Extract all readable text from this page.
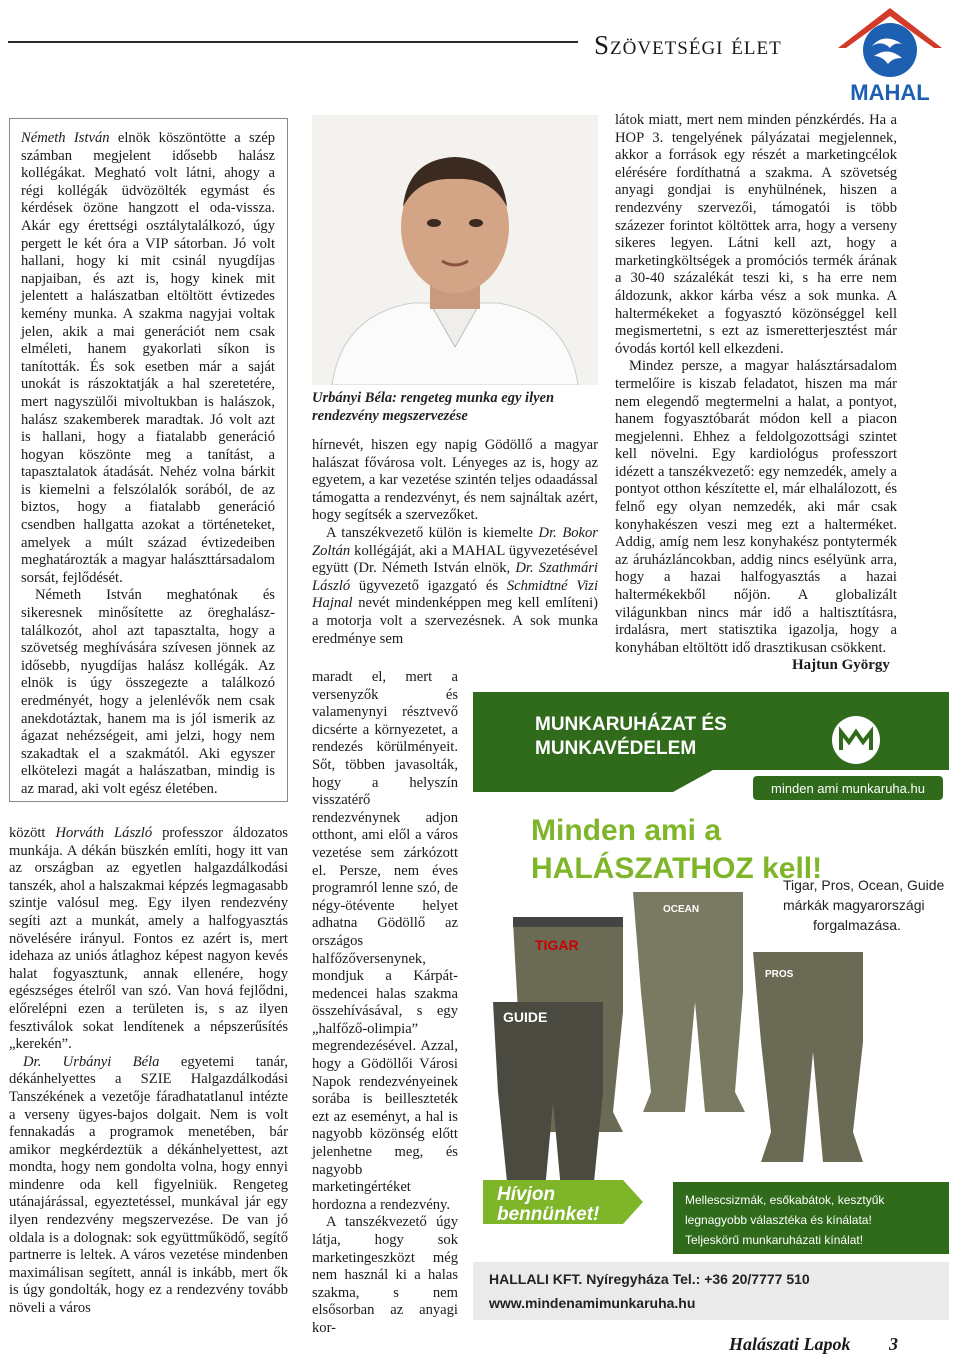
Szövetségi élet
MAHAL

Németh István elnök köszöntötte a szép számban megjelent idősebb halász kollégákat. Megható volt látni, ahogy a régi kollégák üdvözölték egymást és kérdések özöne hangzott el oda-vissza. Akár egy érettségi osztálytalálkozó, úgy pergett le két óra a VIP sátorban. Jó volt hallani, hogy ki mit csinál nyugdíjas napjaiban, és azt is, hogy kinek mit jelentett a halászatban eltöltött évtizedes kemény munka. A szakma nagyjai voltak jelen, akik a mai generációt nem csak elméleti, hanem gyakorlati síkon is tanították. És sok esetben már a saját unokát is rászoktatják a hal szeretetére, mert nagyszülői mivoltukban is halászok, halász szakemberek maradtak. Jó volt azt is hallani, hogy a fiatalabb generáció hogyan köszönte meg a tanítást, a tapasztalatok átadását. Nehéz volna bárkit is kiemelni a felszólalók sorából, de az biztos, hogy a fiatalabb generáció csendben hallgatta azokat a történeteket, amelyek a múlt század évtizedeiben meghatározták a magyar halászttársadalom sorsát, fejlődését.

Németh István meghatónak és sikeresnek minősítette az öreghalász-találkozót, ahol azt tapasztalta, hogy a szövetség meghívására szívesen jönnek az idősebb, nyugdíjas halász kollégák. Az elnök is úgy összegezte a találkozó eredményét, hogy a jelenlévők nem csak anekdotáztak, hanem ma is jól ismerik az ágazat nehézségeit, ami jelzi, hogy nem szakadtak el a szakmától. Aki egyszer elkötelezi magát a halászatban, mindig is az marad, aki volt egész életében.

között Horváth László professzor áldozatos munkája. A dékán büszkén említi, hogy itt van az országban az egyetlen halgazdálkodási tanszék, ahol a halszakmai képzés legmagasabb szintje valósul meg. Egy ilyen rendezvény segíti azt a munkát, amely a halfogyasztás növelésére irányul. Fontos ez azért is, mert idehaza az uniós átlaghoz képest nagyon kevés halat fogyasztunk, annak ellenére, hogy egészséges ételről van szó. Van hová fejlődni, előrelépni ezen a területen is, s az ilyen fesztiválok sokat lendítenek a népszerűsítés „kerekén”.

Dr. Urbányi Béla egyetemi tanár, dékánhelyettes a SZIE Halgazdálkodási Tanszékének a vezetője fáradhatatlanul intézte a verseny ügyes-bajos dolgait. Nem is volt fennakadás a programok menetében, bár amikor megkérdeztük a dékánhelyettest, azt mondta, hogy nem gondolta volna, hogy ennyi mindenre oda kell figyelniük. Rengeteg utánajárással, egyeztetéssel, munkával jár egy ilyen rendezvény megszervezése. De van jó oldala is a dolognak: sok együttműködő, segítő partnerre is leltek. A város vezetése mindenben maximálisan segített, annál is inkább, mert ők is úgy gondolták, hogy ez a rendezvény tovább növeli a város

Urbányi Béla: rengeteg munka egy ilyen rendezvény megszervezése

hírnevét, hiszen egy napig Gödöllő a magyar halászat fővárosa volt. Lényeges az is, hogy az egyetem, a kar vezetése szintén teljes odaadással támogatta a rendezvényt, és nem sajnáltak azért, hogy segítsék a szervezőket.

A tanszékvezető külön is kiemelte Dr. Bokor Zoltán kollégáját, aki a MAHAL ügyvezetésével együtt (Dr. Németh István elnök, Dr. Szathmári László ügyvezető igazgató és Schmidtné Vizi Hajnal nevét mindenképpen meg kell említeni) a motorja volt a szervezésnek. A sok munka eredménye sem

maradt el, mert a versenyzők és valamenynyi résztvevő dicsérte a környezetet, a rendezés körülményeit. Sőt, többen javasolták, hogy a helyszín visszatérő rendezvénynek adjon otthont, ami elől a város vezetése sem zárkózott el. Persze, nem éves programról lenne szó, de négy-ötévente helyet adhatna Gödöllő az országos halfőzőversenynek, mondjuk a Kárpát-medencei halas szakma összehívásával, s egy „halfőző-olimpia” megrendezésével. Azzal, hogy a Gödöllői Városi Napok rendezvényeinek sorába is beilleszteték ezt az eseményt, a hal is nagyobb közönség előtt jelenhetne meg, és nagyobb marketingértéket hordozna a rendezvény.

A tanszékvezető úgy látja, hogy sok marketingeszközt még nem használ ki a halas szakma, s nem elsősorban az anyagi kor-

látok miatt, mert nem minden pénzkérdés. Ha a HOP 3. tengelyének pályázatai megjelennek, akkor a források egy részét a marketingcélok elérésére fordíthatná a szakma. A szövetség anyagi gondjai is enyhülnének, hiszen a rendezvény szervezői, támogatói is több százezer forintot költöttek arra, hogy a verseny sikeres legyen. Látni kell azt, hogy a marketingköltségek a promóciós termék árának a 30-40 százalékát teszi ki, s ha erre nem áldozunk, akkor kárba vész a sok munka. A haltermékeket a fogyasztó közönséggel kell megismertetni, s ezt az ismeretterjesztést már óvodás kortól kell elkezdeni.

Mindez persze, a magyar halásztársadalom termelőire is kiszab feladatot, hiszen ma már nem elegendő megtermelni a halat, a pontyot, hanem fogyasztóbarát módon kell a piacon megjelenni. Ehhez a feldolgozottsági szintet kell növelni. Egy kardiológus professzort idézett a tanszékvezető: egy nemzedék, amely a pontyot otthon készítette el, már elhalálozott, és felnő egy olyan nemzedék, aki már csak konyhakészen veszi meg ezt a halterméket. Addig, amíg nem lesz konyhakész pontytermék az áruházláncokban, addig nincs esélyünk arra, hogy a hazai halfogyasztás a hazai haltermékekből nőjön. A globalizált világunkban nincs már idő a haltisztításra, irdalásra, mert statisztika igazolja, hogy a konyhában eltöltött idő drasztikusan csökkent.

Hajtun György
MUNKARUHÁZAT ÉS
MUNKAVÉDELEM
minden ami munkaruha.hu
Minden ami a
HALÁSZATHOZ kell!
Tigar, Pros, Ocean, Guide
márkák magyarországi
forgalmazása.
TIGAR
OCEAN
GUIDE
PROS
Hívjon
bennünket!
Mellescsizmák, esőkabátok, kesztyűk
legnagyobb választéka és kínálata!
Teljeskörű munkaruházati kínálat!
HALLALI KFT. Nyíregyháza Tel.: +36 20/7777 510
www.mindenamimunkaruha.hu
Halászati Lapok 3
